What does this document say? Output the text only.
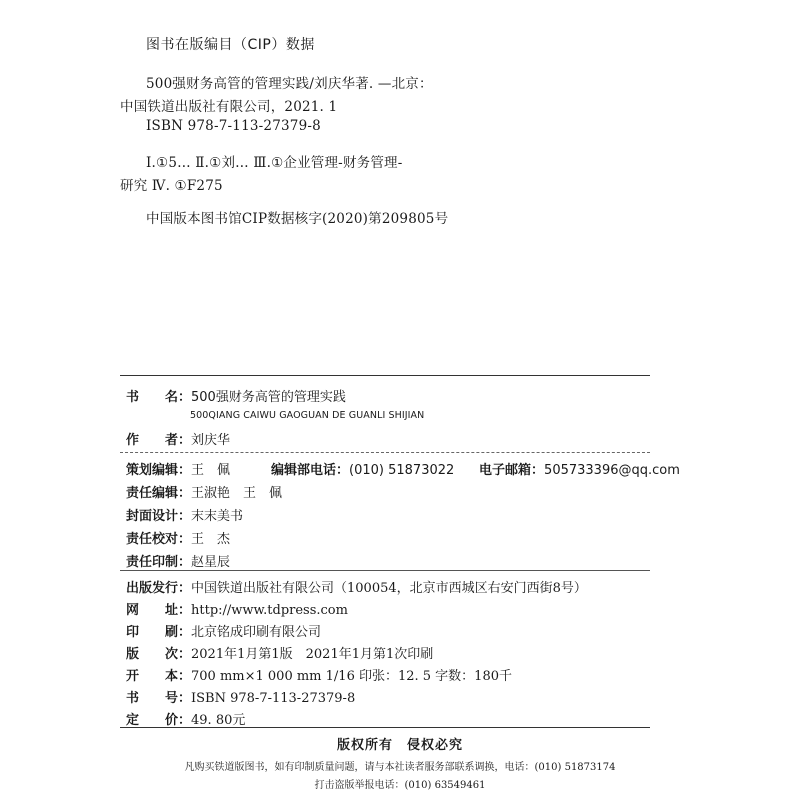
图书在版编目（CIP）数据
500强财务高管的管理实践/刘庆华著. —北京：
中国铁道出版社有限公司，2021. 1
ISBN 978-7-113-27379-8
Ⅰ.①5… Ⅱ.①刘… Ⅲ.①企业管理-财务管理-
研究 Ⅳ. ①F275
中国版本图书馆CIP数据核字(2020)第209805号
书　　名： 500强财务高管的管理实践
500QIANG CAIWU GAOGUAN DE GUANLI SHIJIAN
作　　者： 刘庆华
策划编辑： 王　佩	编辑部电话： (010) 51873022	电子邮箱： 505733396@qq.com
责任编辑： 王淑艳　王　佩
封面设计： 末末美书
责任校对： 王　杰
责任印制： 赵星辰
出版发行： 中国铁道出版社有限公司（100054，北京市西城区右安门西街8号）
网　　址： http://www.tdpress.com
印　　刷： 北京铭成印刷有限公司
版　　次： 2021年1月第1版　2021年1月第1次印刷
开　　本： 700 mm×1 000 mm 1/16 印张：12. 5 字数：180千
书　　号： ISBN 978-7-113-27379-8
定　　价： 49. 80元
版权所有　侵权必究
凡购买铁道版图书，如有印制质量问题，请与本社读者服务部联系调换，电话：(010) 51873174
打击盗版举报电话：(010) 63549461
